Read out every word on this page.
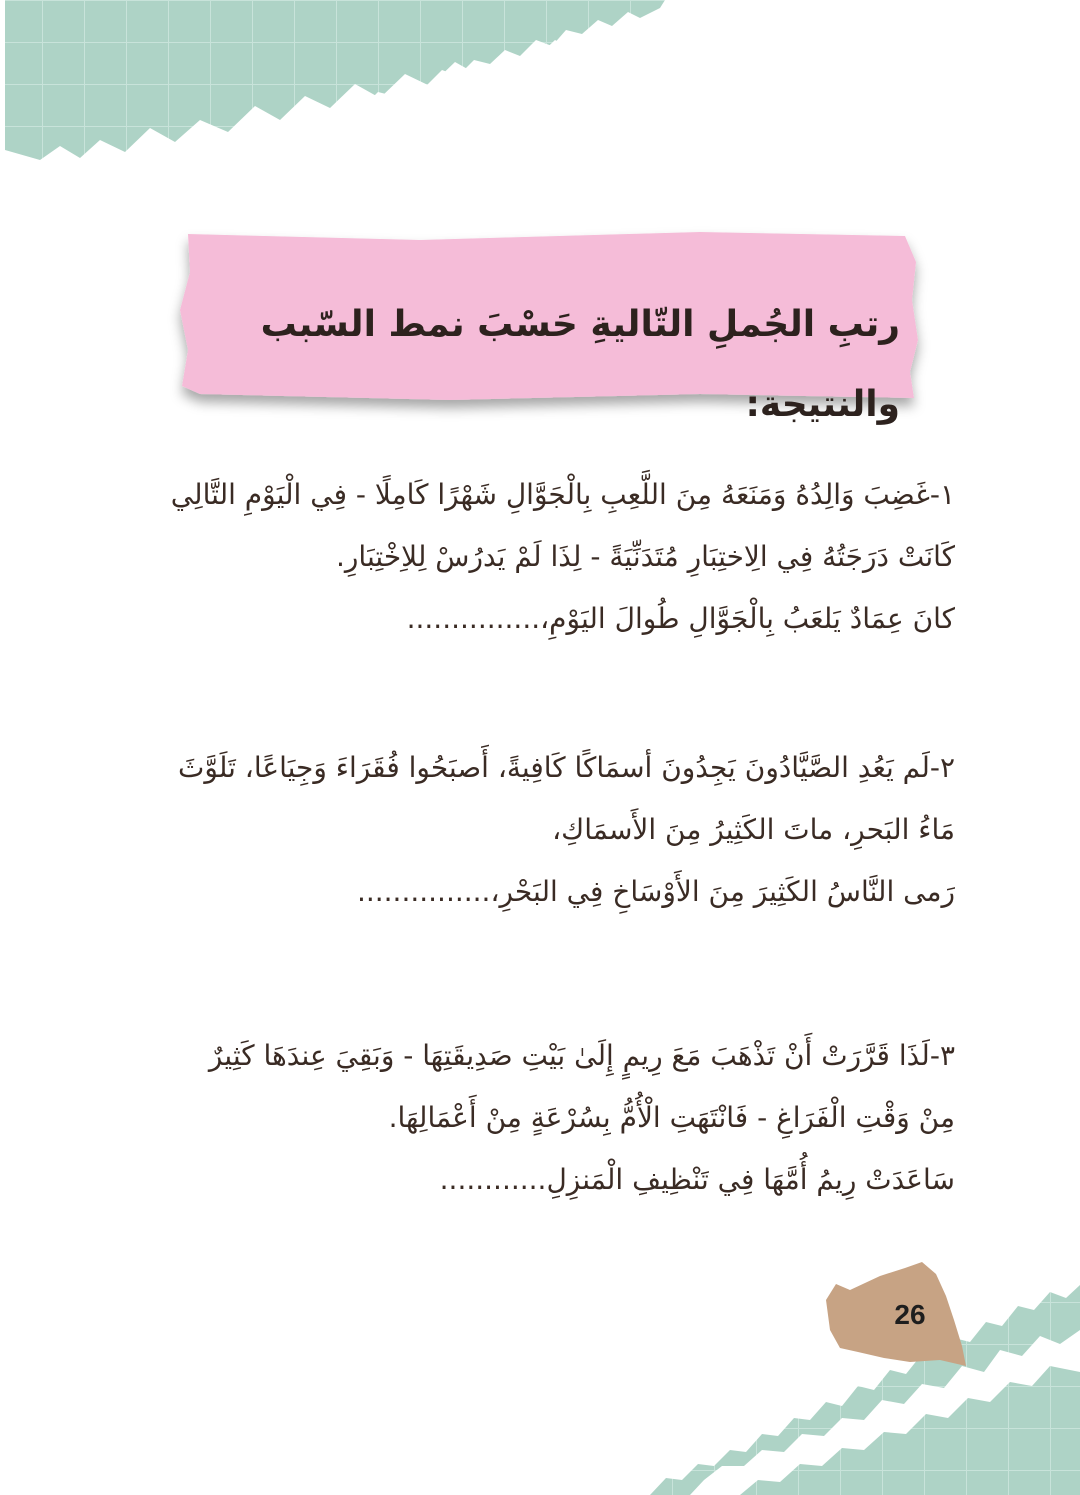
رتبِ الجُملِ التّاليةِ حَسْبَ نمط السّبب والنتيجة:
١-غَضِبَ وَالِدُهُ وَمَنَعَهُ مِنَ اللَّعِبِ بِالْجَوَّالِ شَهْرًا كَامِلًا - فِي الْيَوْمِ التَّالِي
كَانَتْ دَرَجَتُهُ فِي الِاختِبَارِ مُتَدَنِّيَةً - لِذَا لَمْ يَدرُسْ لِلاِخْتِبَارِ.
كانَ عِمَادٌ يَلعَبُ بِالْجَوَّالِ طُوالَ اليَوْمِ،...............
٢-لَم يَعُدِ الصَّيَّادُونَ يَجِدُونَ أسمَاكًا كَافِيةً، أَصبَحُوا فُقَرَاءَ وَجِيَاعًا، تَلَوَّثَ
مَاءُ البَحرِ، ماتَ الكَثِيرُ مِنَ الأَسمَاكِ،
رَمى النَّاسُ الكَثِيرَ مِنَ الأَوْسَاخِ فِي البَحْرِ،...............
٣-لَذَا قَرَّرَتْ أَنْ تَذْهَبَ مَعَ رِيمٍ إِلَىٰ بَيْتِ صَدِيقَتِهَا - وَبَقِيَ عِندَهَا كَثِيرٌ
مِنْ وَقْتِ الْفَرَاغِ - فَانْتَهَتِ الْأُمُّ بِسُرْعَةٍ مِنْ أَعْمَالِهَا.
سَاعَدَتْ رِيمُ أُمَّهَا فِي تَنْظِيفِ الْمَنزِلِ............
26
